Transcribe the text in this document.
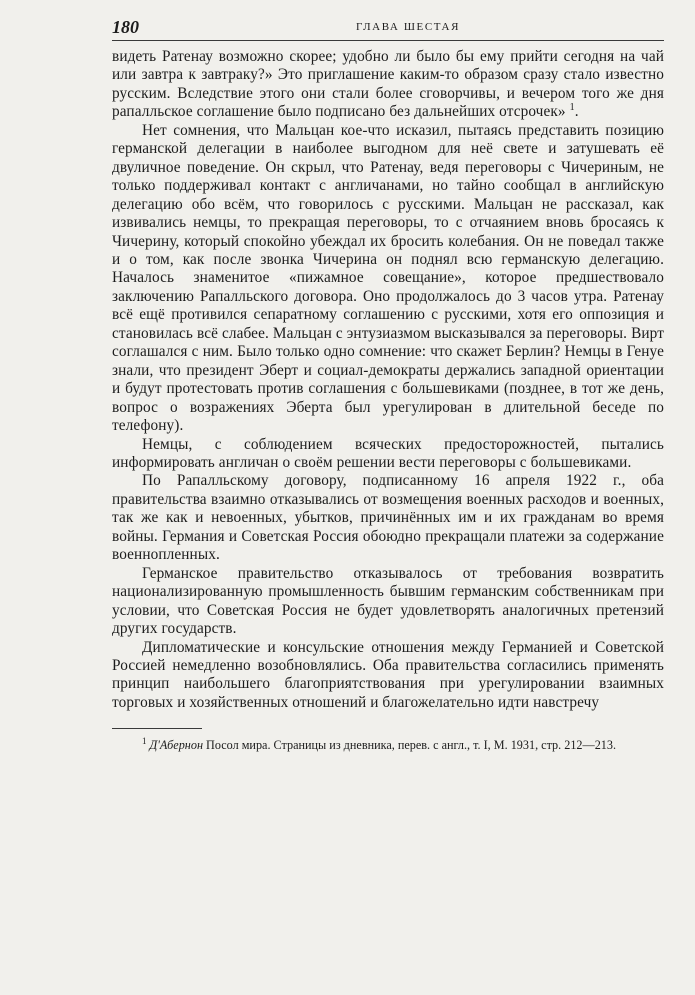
180	ГЛАВА ШЕСТАЯ

видеть Ратенау возможно скорее; удобно ли было бы ему прийти сегодня на чай или завтра к завтраку?» Это приглашение каким-то образом сразу стало известно русским. Вследствие этого они стали более сговорчивы, и вечером того же дня рапалльское соглашение было подписано без дальнейших отсрочек» $^1$.

Нет сомнения, что Мальцан кое-что исказил, пытаясь представить позицию германской делегации в наиболее выгодном для неё свете и затушевать её двуличное поведение. Он скрыл, что Ратенау, ведя переговоры с Чичериным, не только поддерживал контакт с англичанами, но тайно сообщал в английскую делегацию обо всём, что говорилось с русскими. Мальцан не рассказал, как извивались немцы, то прекращая переговоры, то с отчаянием вновь бросаясь к Чичерину, который спокойно убеждал их бросить колебания. Он не поведал также и о том, как после звонка Чичерина он поднял всю германскую делегацию. Началось знаменитое «пижамное совещание», которое предшествовало заключению Рапалльского договора. Оно продолжалось до 3 часов утра. Ратенау всё ещё противился сепаратному соглашению с русскими, хотя его оппозиция и становилась всё слабее. Мальцан с энтузиазмом высказывался за переговоры. Вирт соглашался с ним. Было только одно сомнение: что скажет Берлин? Немцы в Генуе знали, что президент Эберт и социал-демократы держались западной ориентации и будут протестовать против соглашения с большевиками (позднее, в тот же день, вопрос о возражениях Эберта был урегулирован в длительной беседе по телефону).

Немцы, с соблюдением всяческих предосторожностей, пытались информировать англичан о своём решении вести переговоры с большевиками.

По Рапалльскому договору, подписанному 16 апреля 1922 г., оба правительства взаимно отказывались от возмещения военных расходов и военных, так же как и невоенных, убытков, причинённых им и их гражданам во время войны. Германия и Советская Россия обоюдно прекращали платежи за содержание военнопленных.

Германское правительство отказывалось от требования возвратить национализированную промышленность бывшим германским собственникам при условии, что Советская Россия не будет удовлетворять аналогичных претензий других государств.

Дипломатические и консульские отношения между Германией и Советской Россией немедленно возобновлялись. Оба правительства согласились применять принцип наибольшего благоприятствования при урегулировании взаимных торговых и хозяйственных отношений и благожелательно идти навстречу

$^1$ Д'Абернон Посол мира. Страницы из дневника, перев. с англ., т. I, М. 1931, стр. 212—213.
